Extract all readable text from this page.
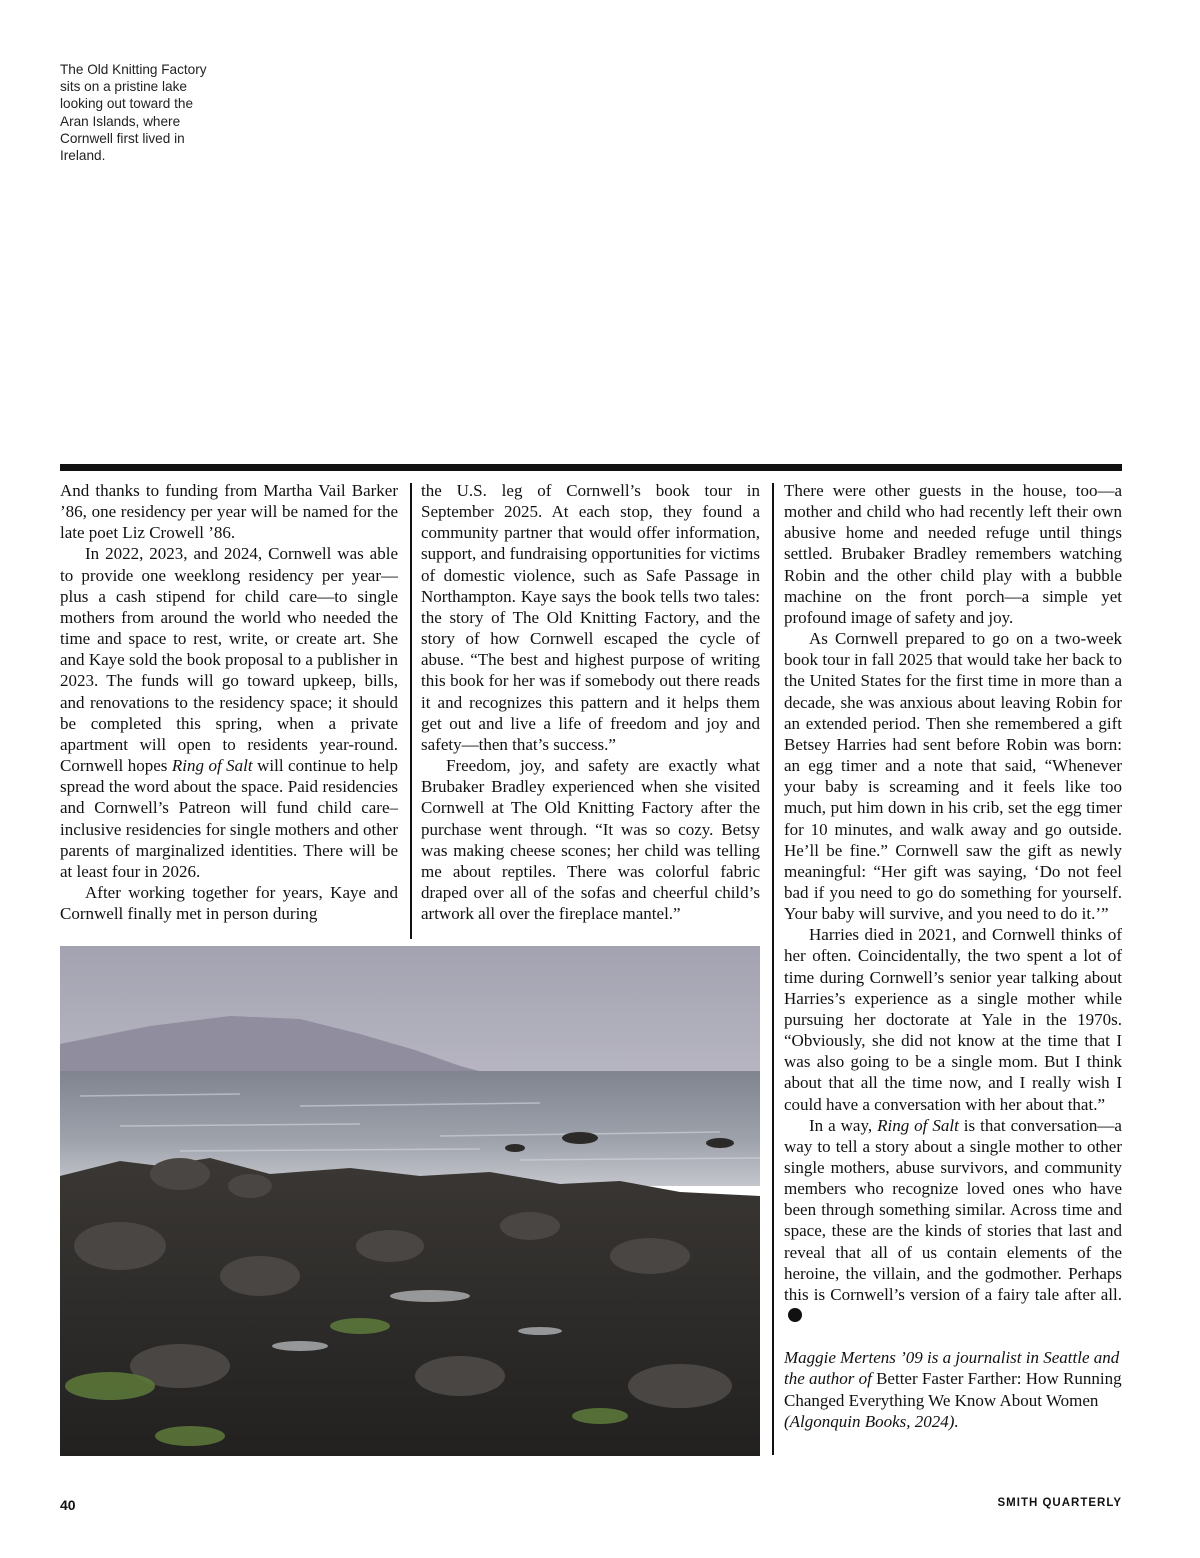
The Old Knitting Factory sits on a pristine lake looking out toward the Aran Islands, where Cornwell first lived in Ireland.

And thanks to funding from Martha Vail Barker ’86, one residency per year will be named for the late poet Liz Crowell ’86.

In 2022, 2023, and 2024, Cornwell was able to provide one weeklong residency per year—plus a cash stipend for child care—to single mothers from around the world who needed the time and space to rest, write, or create art. She and Kaye sold the book proposal to a publisher in 2023. The funds will go toward upkeep, bills, and renovations to the residency space; it should be completed this spring, when a private apartment will open to residents year-round. Cornwell hopes Ring of Salt will continue to help spread the word about the space. Paid residencies and Cornwell’s Patreon will fund child care–inclusive residencies for single mothers and other parents of marginalized identities. There will be at least four in 2026.

After working together for years, Kaye and Cornwell finally met in person during

the U.S. leg of Cornwell’s book tour in September 2025. At each stop, they found a community partner that would offer information, support, and fundraising opportunities for victims of domestic violence, such as Safe Passage in Northampton. Kaye says the book tells two tales: the story of The Old Knitting Factory, and the story of how Cornwell escaped the cycle of abuse. “The best and highest purpose of writing this book for her was if somebody out there reads it and recognizes this pattern and it helps them get out and live a life of freedom and joy and safety—then that’s success.”

Freedom, joy, and safety are exactly what Brubaker Bradley experienced when she visited Cornwell at The Old Knitting Factory after the purchase went through. “It was so cozy. Betsy was making cheese scones; her child was telling me about reptiles. There was colorful fabric draped over all of the sofas and cheerful child’s artwork all over the fireplace mantel.”

There were other guests in the house, too—a mother and child who had recently left their own abusive home and needed refuge until things settled. Brubaker Bradley remembers watching Robin and the other child play with a bubble machine on the front porch—a simple yet profound image of safety and joy.

As Cornwell prepared to go on a two-week book tour in fall 2025 that would take her back to the United States for the first time in more than a decade, she was anxious about leaving Robin for an extended period. Then she remembered a gift Betsey Harries had sent before Robin was born: an egg timer and a note that said, “Whenever your baby is screaming and it feels like too much, put him down in his crib, set the egg timer for 10 minutes, and walk away and go outside. He’ll be fine.” Cornwell saw the gift as newly meaningful: “Her gift was saying, ‘Do not feel bad if you need to go do something for yourself. Your baby will survive, and you need to do it.’”

Harries died in 2021, and Cornwell thinks of her often. Coincidentally, the two spent a lot of time during Cornwell’s senior year talking about Harries’s experience as a single mother while pursuing her doctorate at Yale in the 1970s. “Obviously, she did not know at the time that I was also going to be a single mom. But I think about that all the time now, and I really wish I could have a conversation with her about that.”

In a way, Ring of Salt is that conversation—a way to tell a story about a single mother to other single mothers, abuse survivors, and community members who recognize loved ones who have been through something similar. Across time and space, these are the kinds of stories that last and reveal that all of us contain elements of the heroine, the villain, and the godmother. Perhaps this is Cornwell’s version of a fairy tale after all.

Maggie Mertens ’09 is a journalist in Seattle and the author of Better Faster Farther: How Running Changed Everything We Know About Women (Algonquin Books, 2024).

40	SMITH QUARTERLY
